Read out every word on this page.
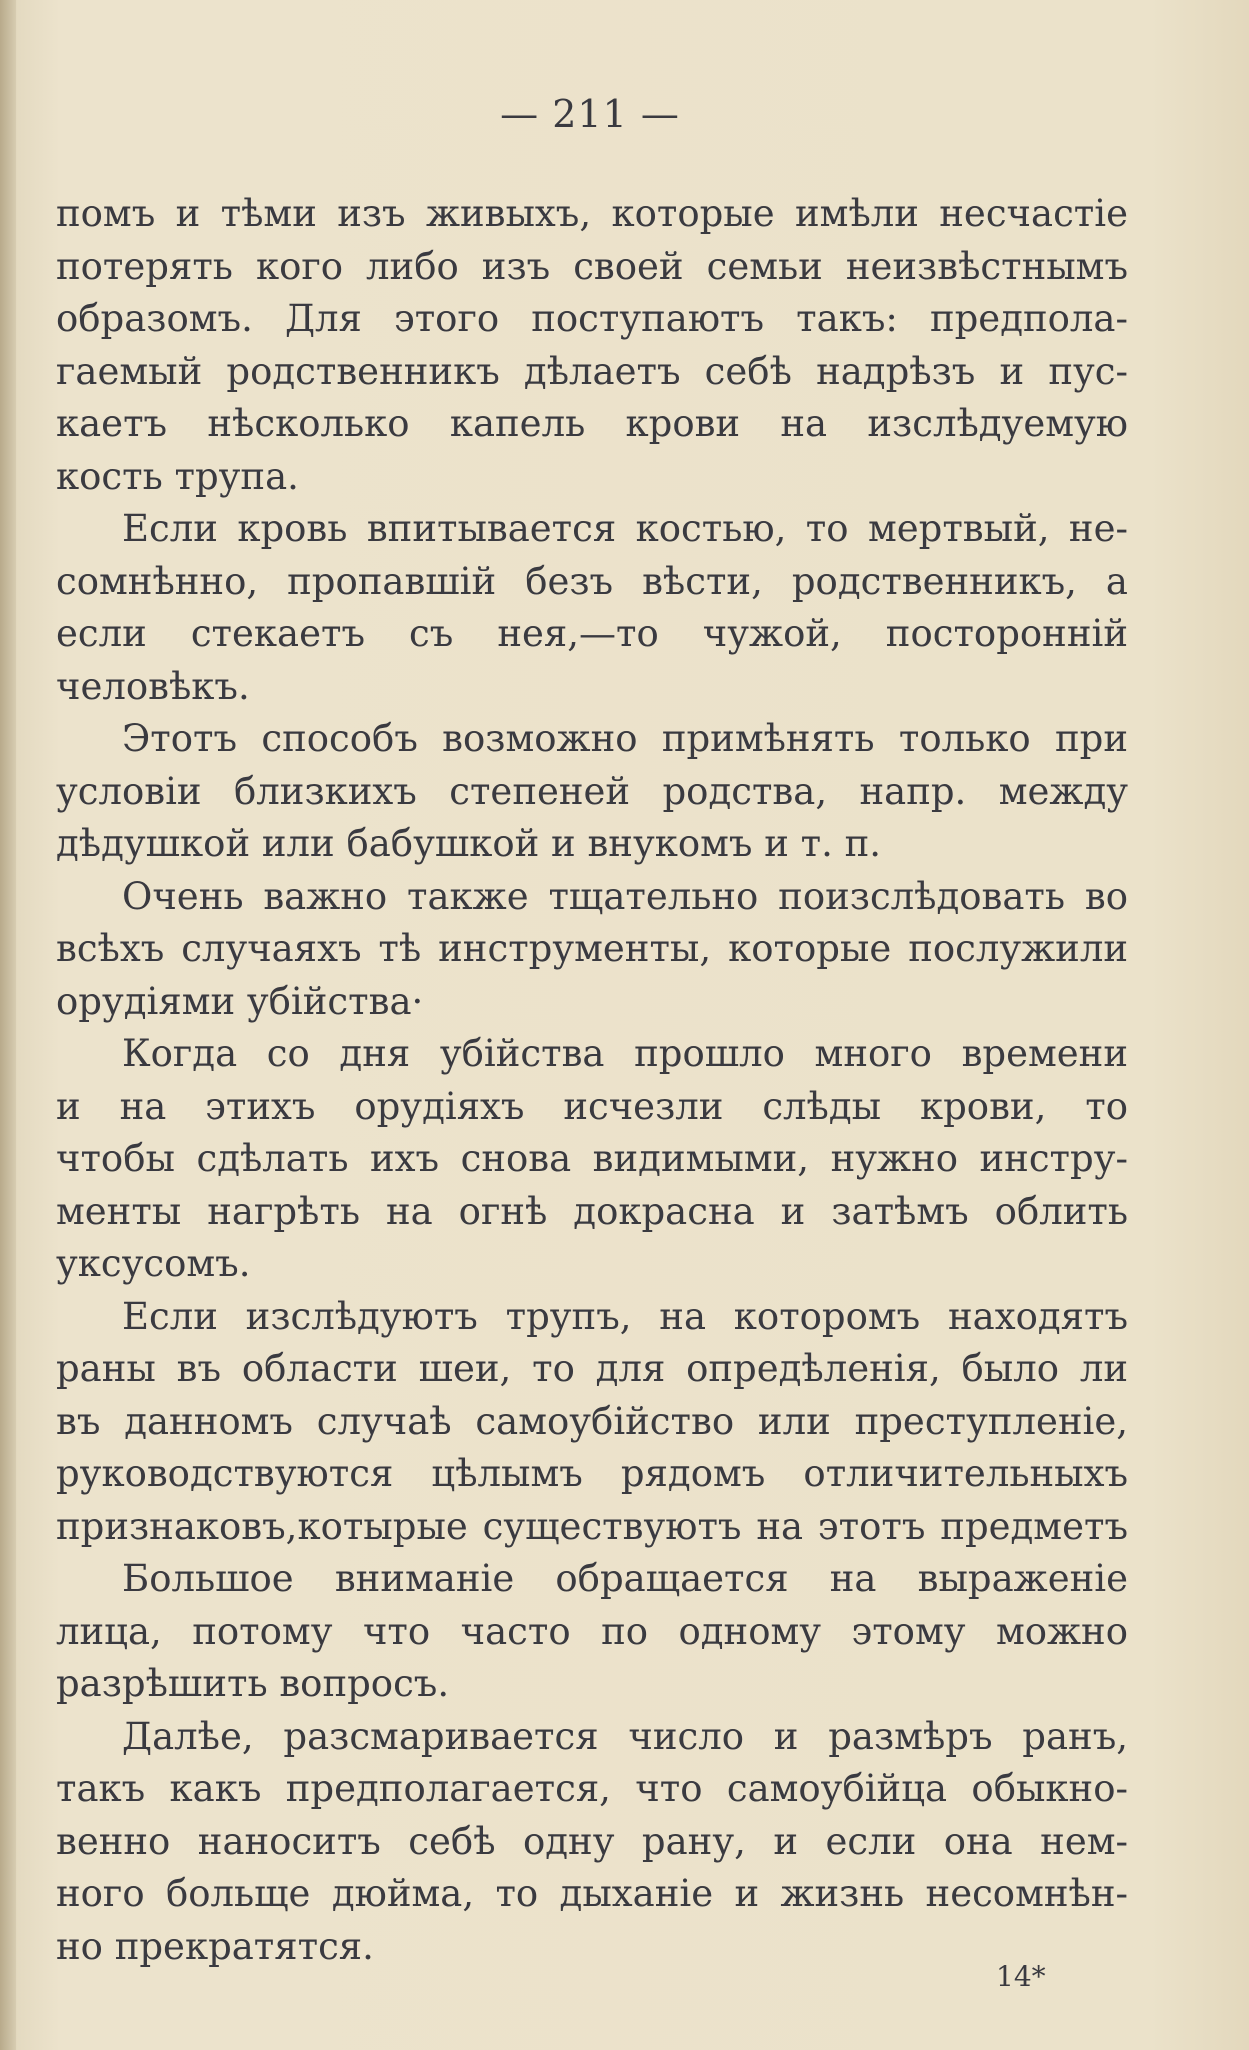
— 211 —
помъ и тѣми изъ живыхъ, которые имѣли несчастіе
потерять кого либо изъ своей семьи неизвѣстнымъ
образомъ. Для этого поступаютъ такъ: предпола-
гаемый родственникъ дѣлаетъ себѣ надрѣзъ и пус-
каетъ нѣсколько капель крови на изслѣдуемую
кость трупа.
Если кровь впитывается костью, то мертвый, не-
сомнѣнно, пропавшій безъ вѣсти, родственникъ, а
если стекаетъ съ нея,—то чужой, посторонній
человѣкъ.
Этотъ способъ возможно примѣнять только при
условіи близкихъ степеней родства, напр. между
дѣдушкой или бабушкой и внукомъ и т. п.
Очень важно также тщательно поизслѣдовать во
всѣхъ случаяхъ тѣ инструменты, которые послужили
орудіями убійства·
Когда со дня убійства прошло много времени
и на этихъ орудіяхъ исчезли слѣды крови, то
чтобы сдѣлать ихъ снова видимыми, нужно инстру-
менты нагрѣть на огнѣ докрасна и затѣмъ облить
уксусомъ.
Если изслѣдуютъ трупъ, на которомъ находятъ
раны въ области шеи, то для опредѣленія, было ли
въ данномъ случаѣ самоубійство или преступленіе,
руководствуются цѣлымъ рядомъ отличительныхъ
признаковъ,котырые существуютъ на этотъ предметъ
Большое вниманіе обращается на выраженіе
лица, потому что часто по одному этому можно
разрѣшить вопросъ.
Далѣе, разсмаривается число и размѣръ ранъ,
такъ какъ предполагается, что самоубійца обыкно-
венно наноситъ себѣ одну рану, и если она нем-
ного больще дюйма, то дыханіе и жизнь несомнѣн-
но прекратятся.
14*
